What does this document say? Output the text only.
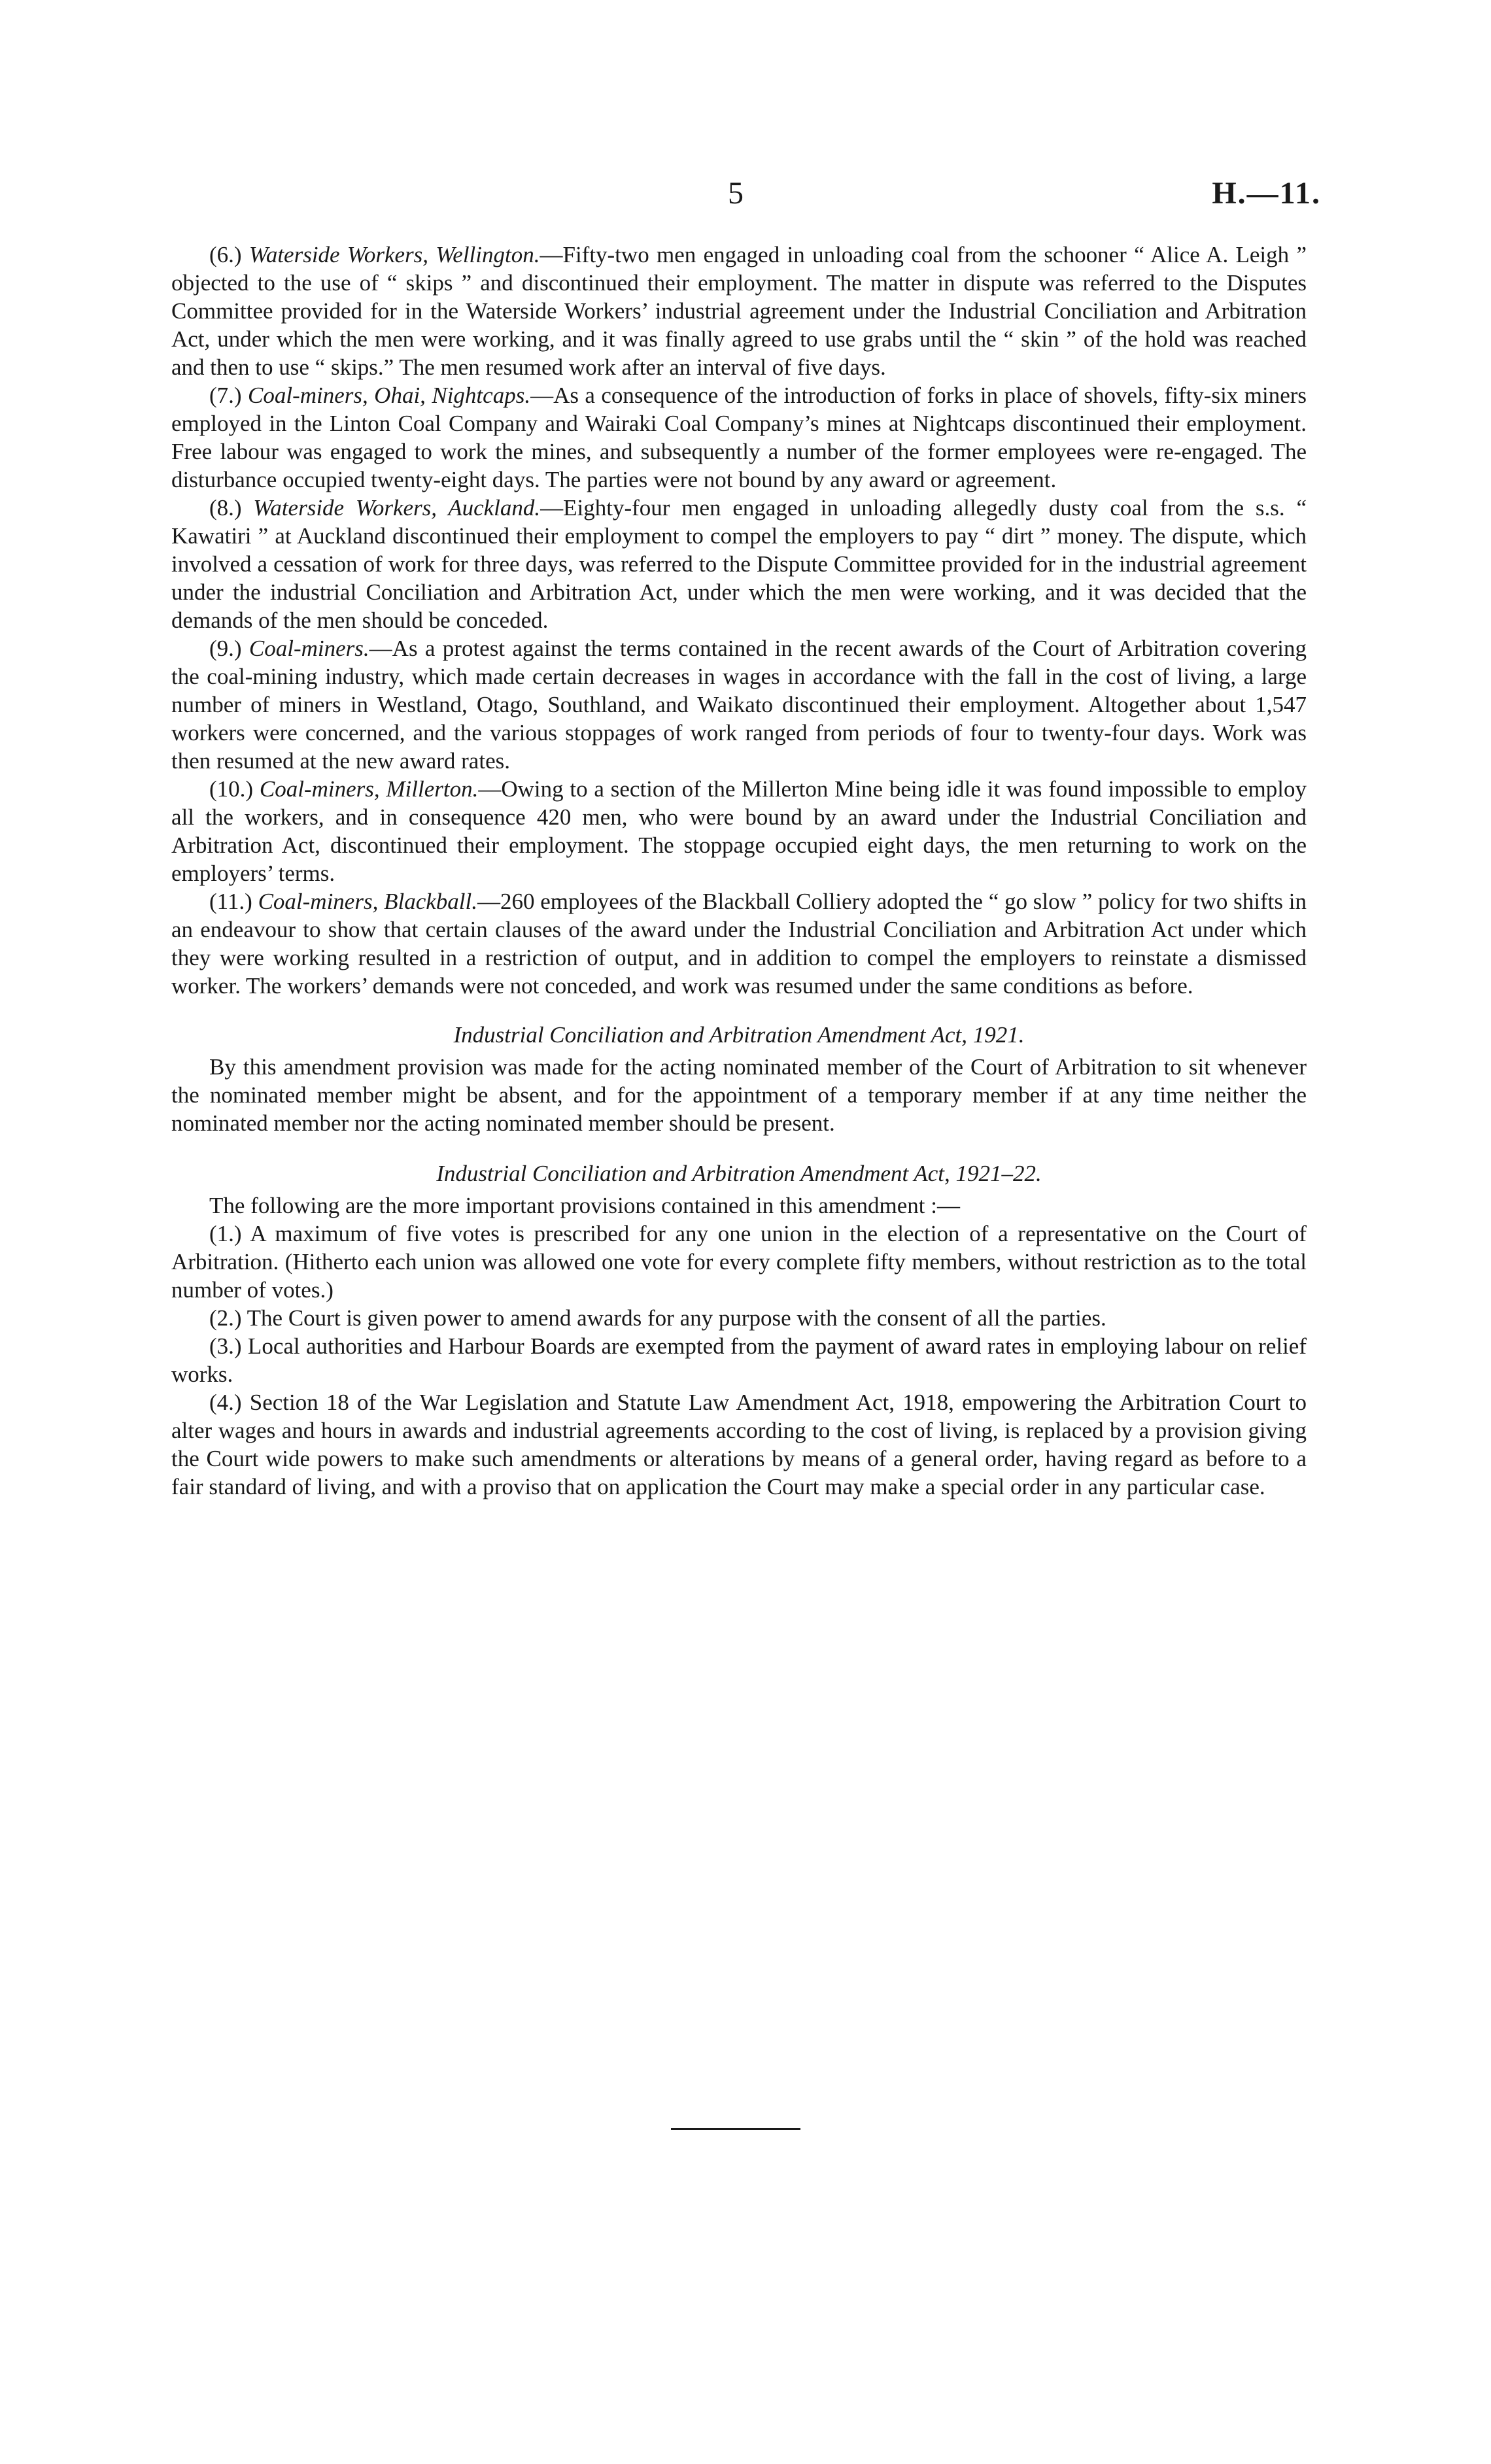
5	H.—11.

(6.) Waterside Workers, Wellington.—Fifty-two men engaged in unloading coal from the schooner “ Alice A. Leigh ” objected to the use of “ skips ” and discontinued their employment. The matter in dispute was referred to the Disputes Committee provided for in the Waterside Workers’ industrial agreement under the Industrial Conciliation and Arbitration Act, under which the men were working, and it was finally agreed to use grabs until the “ skin ” of the hold was reached and then to use “ skips.” The men resumed work after an interval of five days.

(7.) Coal-miners, Ohai, Nightcaps.—As a consequence of the introduction of forks in place of shovels, fifty-six miners employed in the Linton Coal Company and Wairaki Coal Company’s mines at Nightcaps discontinued their employment. Free labour was engaged to work the mines, and subsequently a number of the former employees were re-engaged. The disturbance occupied twenty-eight days. The parties were not bound by any award or agreement.

(8.) Waterside Workers, Auckland.—Eighty-four men engaged in unloading allegedly dusty coal from the s.s. “ Kawatiri ” at Auckland discontinued their employment to compel the employers to pay “ dirt ” money. The dispute, which involved a cessation of work for three days, was referred to the Dispute Committee provided for in the industrial agreement under the industrial Conciliation and Arbitration Act, under which the men were working, and it was decided that the demands of the men should be conceded.

(9.) Coal-miners.—As a protest against the terms contained in the recent awards of the Court of Arbitration covering the coal-mining industry, which made certain decreases in wages in accordance with the fall in the cost of living, a large number of miners in Westland, Otago, Southland, and Waikato discontinued their employment. Altogether about 1,547 workers were concerned, and the various stoppages of work ranged from periods of four to twenty-four days. Work was then resumed at the new award rates.

(10.) Coal-miners, Millerton.—Owing to a section of the Millerton Mine being idle it was found impossible to employ all the workers, and in consequence 420 men, who were bound by an award under the Industrial Conciliation and Arbitration Act, discontinued their employment. The stoppage occupied eight days, the men returning to work on the employers’ terms.

(11.) Coal-miners, Blackball.—260 employees of the Blackball Colliery adopted the “ go slow ” policy for two shifts in an endeavour to show that certain clauses of the award under the Industrial Conciliation and Arbitration Act under which they were working resulted in a restriction of output, and in addition to compel the employers to reinstate a dismissed worker. The workers’ demands were not conceded, and work was resumed under the same conditions as before.

Industrial Conciliation and Arbitration Amendment Act, 1921.

By this amendment provision was made for the acting nominated member of the Court of Arbitration to sit whenever the nominated member might be absent, and for the appointment of a temporary member if at any time neither the nominated member nor the acting nominated member should be present.

Industrial Conciliation and Arbitration Amendment Act, 1921–22.

The following are the more important provisions contained in this amendment :—

(1.) A maximum of five votes is prescribed for any one union in the election of a representative on the Court of Arbitration. (Hitherto each union was allowed one vote for every complete fifty members, without restriction as to the total number of votes.)

(2.) The Court is given power to amend awards for any purpose with the consent of all the parties.

(3.) Local authorities and Harbour Boards are exempted from the payment of award rates in employing labour on relief works.

(4.) Section 18 of the War Legislation and Statute Law Amendment Act, 1918, empowering the Arbitration Court to alter wages and hours in awards and industrial agreements according to the cost of living, is replaced by a provision giving the Court wide powers to make such amendments or alterations by means of a general order, having regard as before to a fair standard of living, and with a proviso that on application the Court may make a special order in any particular case.
